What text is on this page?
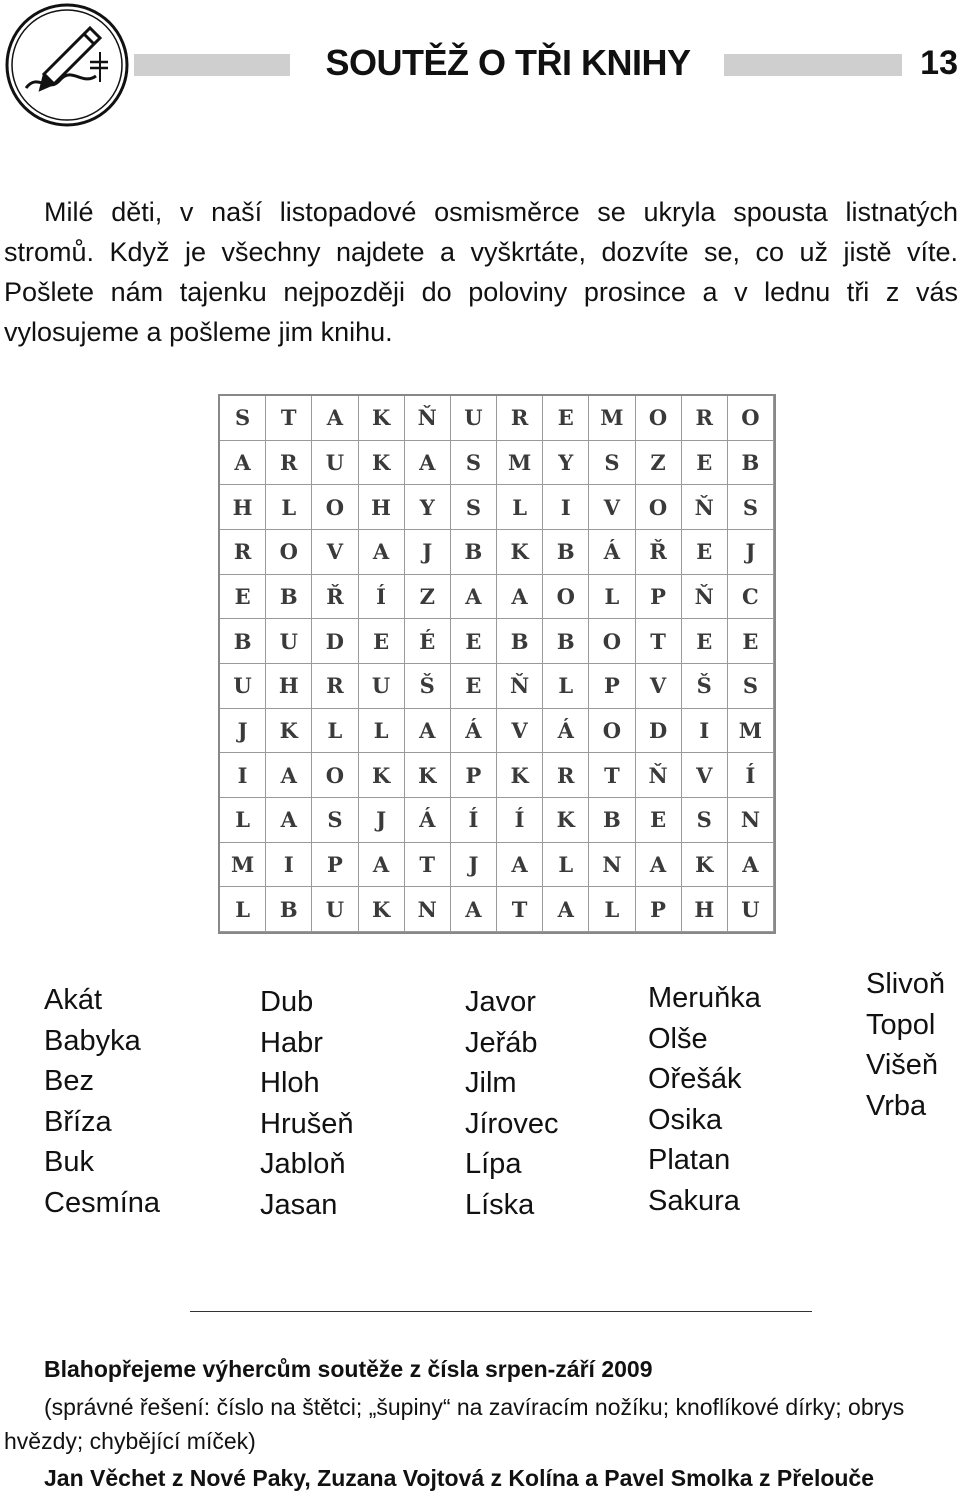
SOUTĚŽ O TŘI KNIHY	13

Milé děti, v naší listopadové osmisměrce se ukryla spousta listnatých stromů. Když je všechny najdete a vyškrtáte, dozvíte se, co už jistě víte. Pošlete nám tajenku nejpozději do poloviny prosince a v lednu tři z vás vylosujeme a pošleme jim knihu.

S	T	A	K	Ň	U	R	E	M	O	R	O
A	R	U	K	A	S	M	Y	S	Z	E	B
H	L	O	H	Y	S	L	I	V	O	Ň	S
R	O	V	A	J	B	K	B	Á	Ř	E	J
E	B	Ř	Í	Z	A	A	O	L	P	Ň	C
B	U	D	E	É	E	B	B	O	T	E	E
U	H	R	U	Š	E	Ň	L	P	V	Š	S
J	K	L	L	A	Á	V	Á	O	D	I	M
I	A	O	K	K	P	K	R	T	Ň	V	Í
L	A	S	J	Á	Í	Í	K	B	E	S	N
M	I	P	A	T	J	A	L	N	A	K	A
L	B	U	K	N	A	T	A	L	P	H	U
Akát
Babyka
Bez
Bříza
Buk
Cesmína
Dub
Habr
Hloh
Hrušeň
Jabloň
Jasan
Javor
Jeřáb
Jilm
Jírovec
Lípa
Líska
Meruňka
Olše
Ořešák
Osika
Platan
Sakura
Slivoň
Topol
Višeň
Vrba
Blahopřejeme výhercům soutěže z čísla srpen-září 2009

(správné řešení: číslo na štětci; „šupiny“ na zavíracím nožíku; knoflíkové dírky; obrys hvězdy; chybějící míček)

Jan Věchet z Nové Paky, Zuzana Vojtová z Kolína a Pavel Smolka z Přelouče
